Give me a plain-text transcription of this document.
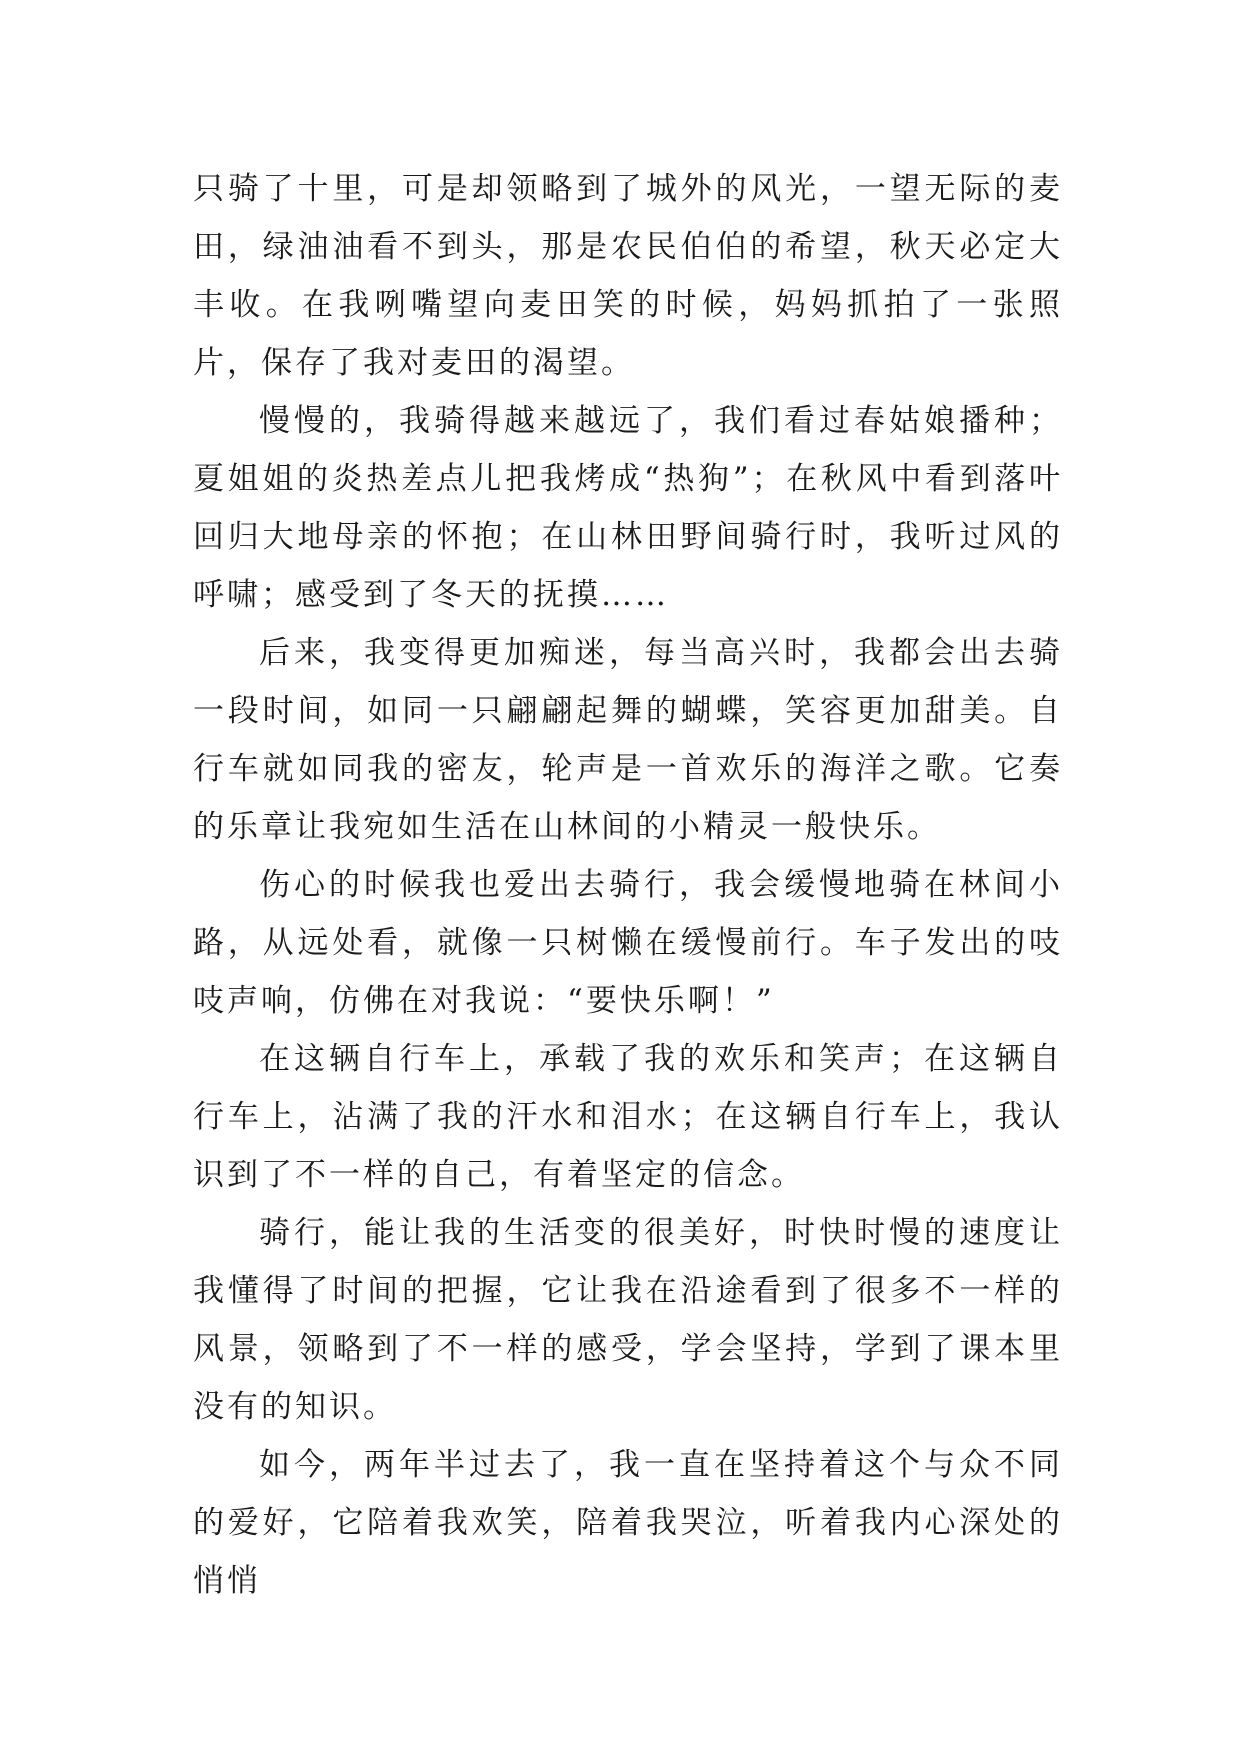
只骑了十里，可是却领略到了城外的风光，一望无际的麦田，绿油油看不到头，那是农民伯伯的希望，秋天必定大丰收。在我咧嘴望向麦田笑的时候，妈妈抓拍了一张照片，保存了我对麦田的渴望。

慢慢的，我骑得越来越远了，我们看过春姑娘播种；夏姐姐的炎热差点儿把我烤成“热狗”；在秋风中看到落叶回归大地母亲的怀抱；在山林田野间骑行时，我听过风的呼啸；感受到了冬天的抚摸……

后来，我变得更加痴迷，每当高兴时，我都会出去骑一段时间，如同一只翩翩起舞的蝴蝶，笑容更加甜美。自行车就如同我的密友，轮声是一首欢乐的海洋之歌。它奏的乐章让我宛如生活在山林间的小精灵一般快乐。

伤心的时候我也爱出去骑行，我会缓慢地骑在林间小路，从远处看，就像一只树懒在缓慢前行。车子发出的吱吱声响，仿佛在对我说：“要快乐啊！”

在这辆自行车上，承载了我的欢乐和笑声；在这辆自行车上，沾满了我的汗水和泪水；在这辆自行车上，我认识到了不一样的自己，有着坚定的信念。

骑行，能让我的生活变的很美好，时快时慢的速度让我懂得了时间的把握，它让我在沿途看到了很多不一样的风景，领略到了不一样的感受，学会坚持，学到了课本里没有的知识。

如今，两年半过去了，我一直在坚持着这个与众不同的爱好，它陪着我欢笑，陪着我哭泣，听着我内心深处的悄悄
